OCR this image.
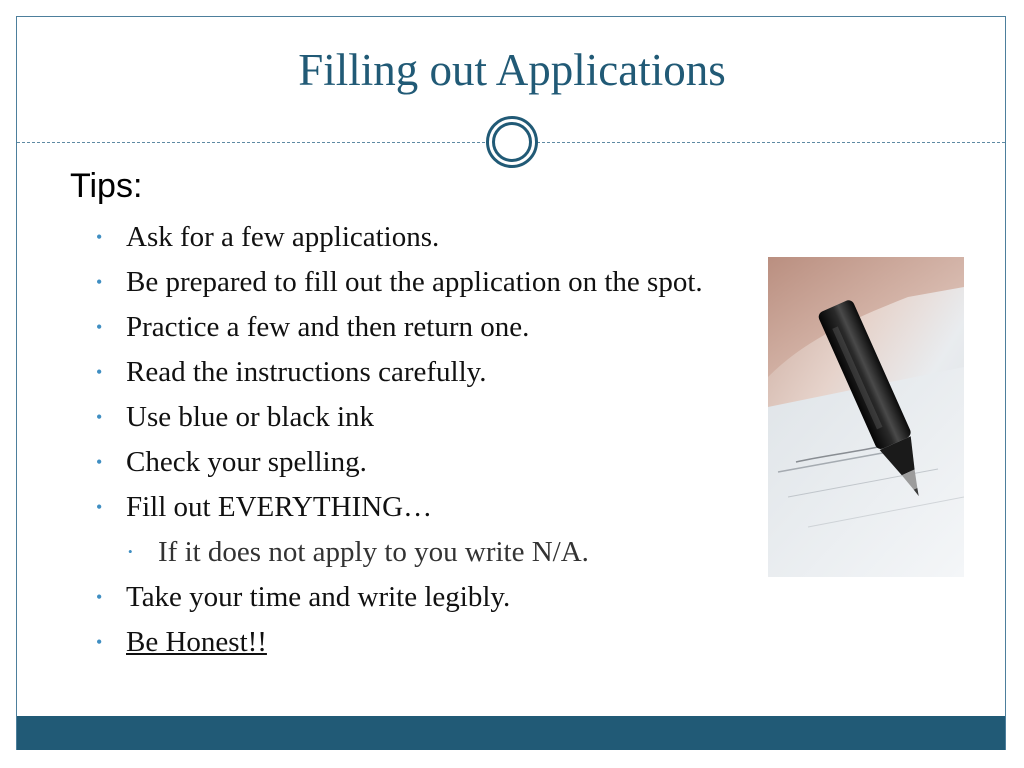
Filling out Applications
Tips:
• Ask for a few applications.
• Be prepared to fill out the application on the spot.
• Practice a few and then return one.
• Read the instructions carefully.
• Use blue or black ink
• Check your spelling.
• Fill out EVERYTHING…
• If it does not apply to you write N/A.
• Take your time and write legibly.
• Be Honest!!
